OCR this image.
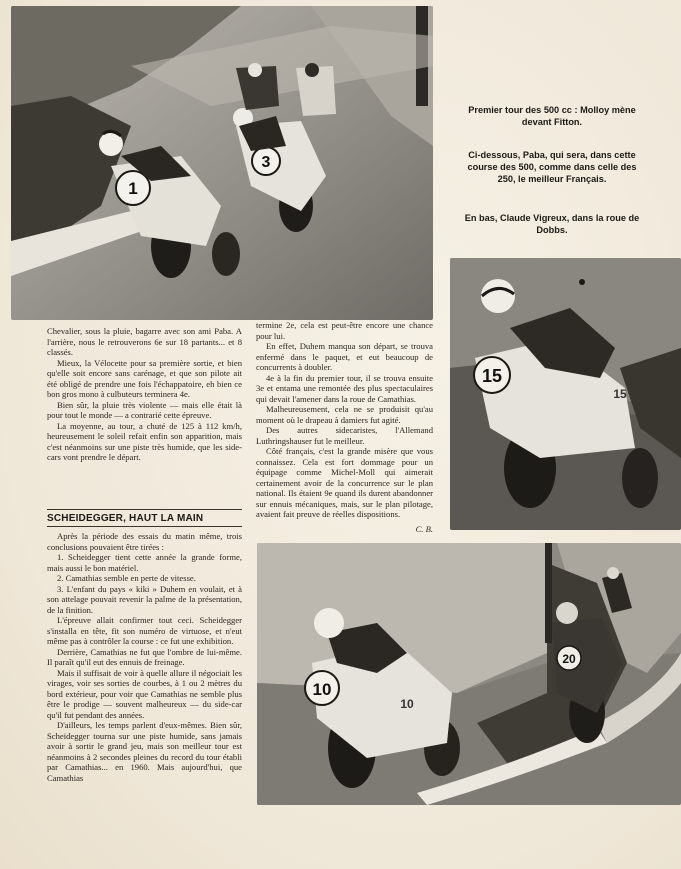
1
3
Premier tour des 500 cc : Molloy mène devant Fitton.
Ci-dessous, Paba, qui sera, dans cette course des 500, comme dans celle des 250, le meilleur Français.
En bas, Claude Vigreux, dans la roue de Dobbs.
15
15
10
10
20

Chevalier, sous la pluie, bagarre avec son ami Paba. A l'arrière, nous le retrouverons 6e sur 18 partants... et 8 classés.

Mieux, la Vélocette pour sa première sortie, et bien qu'elle soit encore sans carénage, et que son pilote ait été obligé de prendre une fois l'échappatoire, eh bien ce bon gros mono à culbuteurs terminera 4e.

Bien sûr, la pluie très violente — mais elle était là pour tout le monde — a contrarié cette épreuve.

La moyenne, au tour, a chuté de 125 à 112 km/h, heureusement le soleil refait enfin son apparition, mais c'est néanmoins sur une piste très humide, que les side-cars vont prendre le départ.

SCHEIDEGGER, HAUT LA MAIN

Après la période des essais du matin même, trois conclusions pouvaient être tirées :

1. Scheidegger tient cette année la grande forme, mais aussi le bon matériel.

2. Camathias semble en perte de vitesse.

3. L'enfant du pays « kiki » Duhem en voulait, et à son attelage pouvait revenir la palme de la présentation, de la finition.

L'épreuve allait confirmer tout ceci. Scheidegger s'installa en tête, fit son numéro de virtuose, et n'eut même pas à contrôler la course : ce fut une exhibition.

Derrière, Camathias ne fut que l'ombre de lui-même. Il paraît qu'il eut des ennuis de freinage.

Mais il suffisait de voir à quelle allure il négociait les virages, voir ses sorties de courbes, à 1 ou 2 mètres du bord extérieur, pour voir que Camathias ne semble plus être le prodige — souvent malheureux — du side-car qu'il fut pendant des années.

D'ailleurs, les temps parlent d'eux-mêmes. Bien sûr, Scheidegger tourna sur une piste humide, sans jamais avoir à sortir le grand jeu, mais son meilleur tour est néanmoins à 2 secondes pleines du record du tour établi par Camathias... en 1960. Mais aujourd'hui, que Camathias

termine 2e, cela est peut-être encore une chance pour lui.

En effet, Duhem manqua son départ, se trouva enfermé dans le paquet, et eut beaucoup de concurrents à doubler.

4e à la fin du premier tour, il se trouva ensuite 3e et entama une remontée des plus spectaculaires qui devait l'amener dans la roue de Camathias.

Malheureusement, cela ne se produisit qu'au moment où le drapeau à damiers fut agité.

Des autres sidecaristes, l'Allemand Luthringshauser fut le meilleur.

Côté français, c'est la grande misère que vous connaissez. Cela est fort dommage pour un équipage comme Michel-Moll qui aimerait certainement avoir de la concurrence sur le plan national. Ils étaient 9e quand ils durent abandonner sur ennuis mécaniques, mais, sur le plan pilotage, avaient fait preuve de réelles dispositions.

C. B.
